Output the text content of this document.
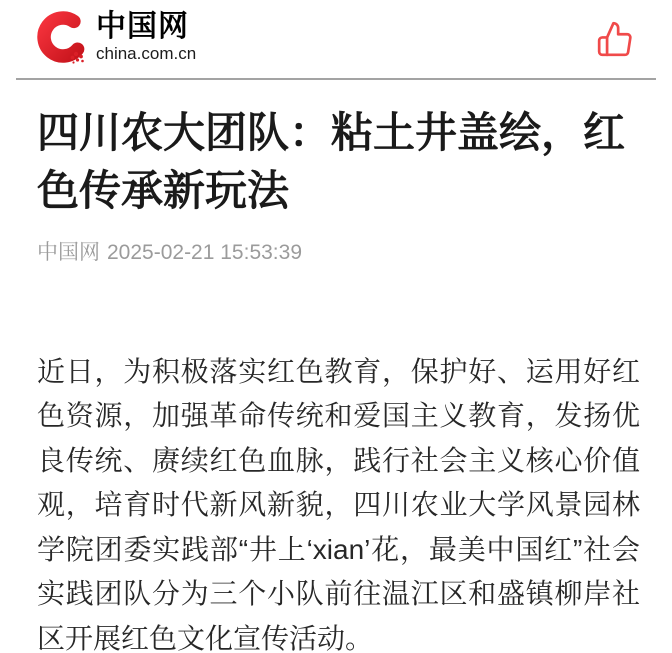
中国网
china.com.cn
四川农大团队：粘土井盖绘，红色传承新玩法
中国网 2025-02-21 15:53:39

近日，为积极落实红色教育，保护好、运用好红色资源，加强革命传统和爱国主义教育，发扬优良传统、赓续红色血脉，践行社会主义核心价值观，培育时代新风新貌，四川农业大学风景园林学院团委实践部“井上‘xian’花，最美中国红”社会实践团队分为三个小队前往温江区和盛镇柳岸社区开展红色文化宣传活动。
